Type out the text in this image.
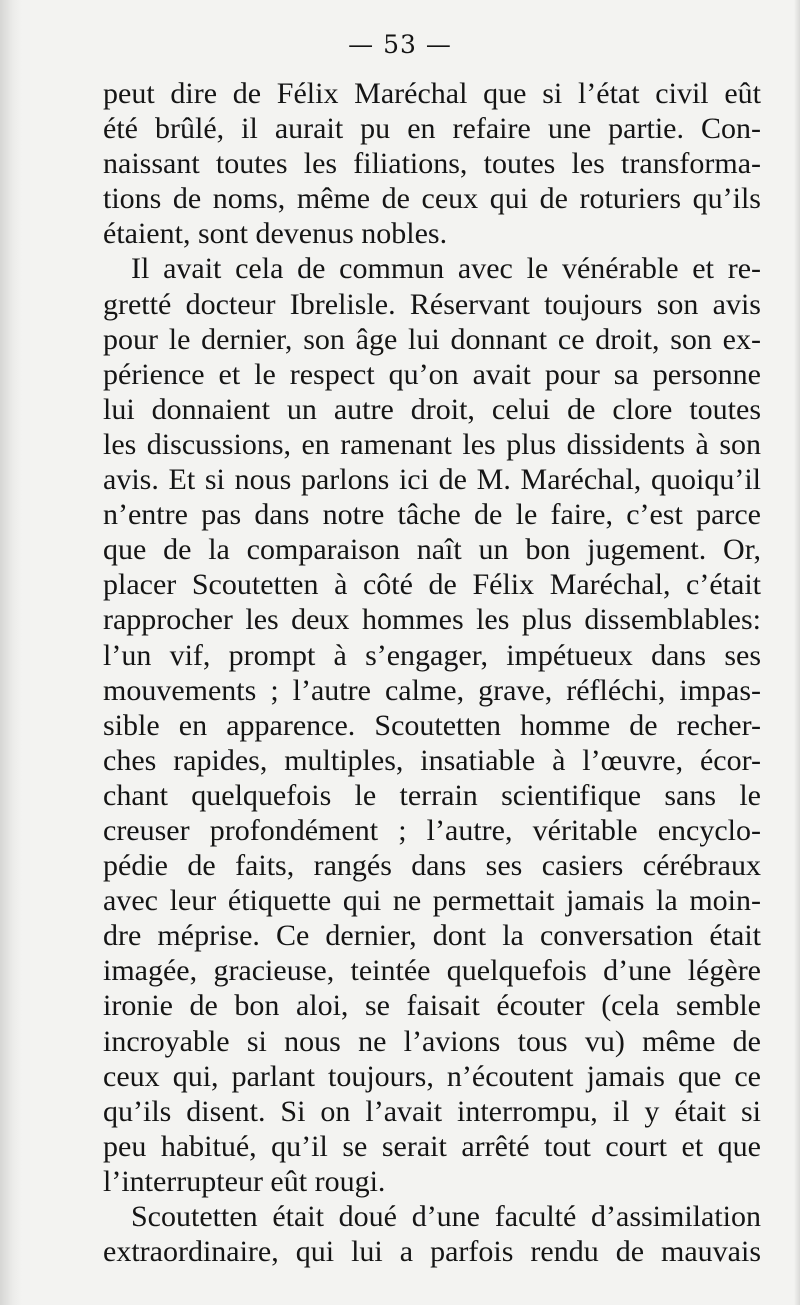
— 53 —
peut dire de Félix Maréchal que si l’état civil eût
été brûlé, il aurait pu en refaire une partie. Con-
naissant toutes les filiations, toutes les transforma-
tions de noms, même de ceux qui de roturiers qu’ils
étaient, sont devenus nobles.
Il avait cela de commun avec le vénérable et re-
gretté docteur Ibrelisle. Réservant toujours son avis
pour le dernier, son âge lui donnant ce droit, son ex-
périence et le respect qu’on avait pour sa personne
lui donnaient un autre droit, celui de clore toutes
les discussions, en ramenant les plus dissidents à son
avis. Et si nous parlons ici de M. Maréchal, quoiqu’il
n’entre pas dans notre tâche de le faire, c’est parce
que de la comparaison naît un bon jugement. Or,
placer Scoutetten à côté de Félix Maréchal, c’était
rapprocher les deux hommes les plus dissemblables:
l’un vif, prompt à s’engager, impétueux dans ses
mouvements ; l’autre calme, grave, réfléchi, impas-
sible en apparence. Scoutetten homme de recher-
ches rapides, multiples, insatiable à l’œuvre, écor-
chant quelquefois le terrain scientifique sans le
creuser profondément ; l’autre, véritable encyclo-
pédie de faits, rangés dans ses casiers cérébraux
avec leur étiquette qui ne permettait jamais la moin-
dre méprise. Ce dernier, dont la conversation était
imagée, gracieuse, teintée quelquefois d’une légère
ironie de bon aloi, se faisait écouter (cela semble
incroyable si nous ne l’avions tous vu) même de
ceux qui, parlant toujours, n’écoutent jamais que ce
qu’ils disent. Si on l’avait interrompu, il y était si
peu habitué, qu’il se serait arrêté tout court et que
l’interrupteur eût rougi.
Scoutetten était doué d’une faculté d’assimilation
extraordinaire, qui lui a parfois rendu de mauvais
